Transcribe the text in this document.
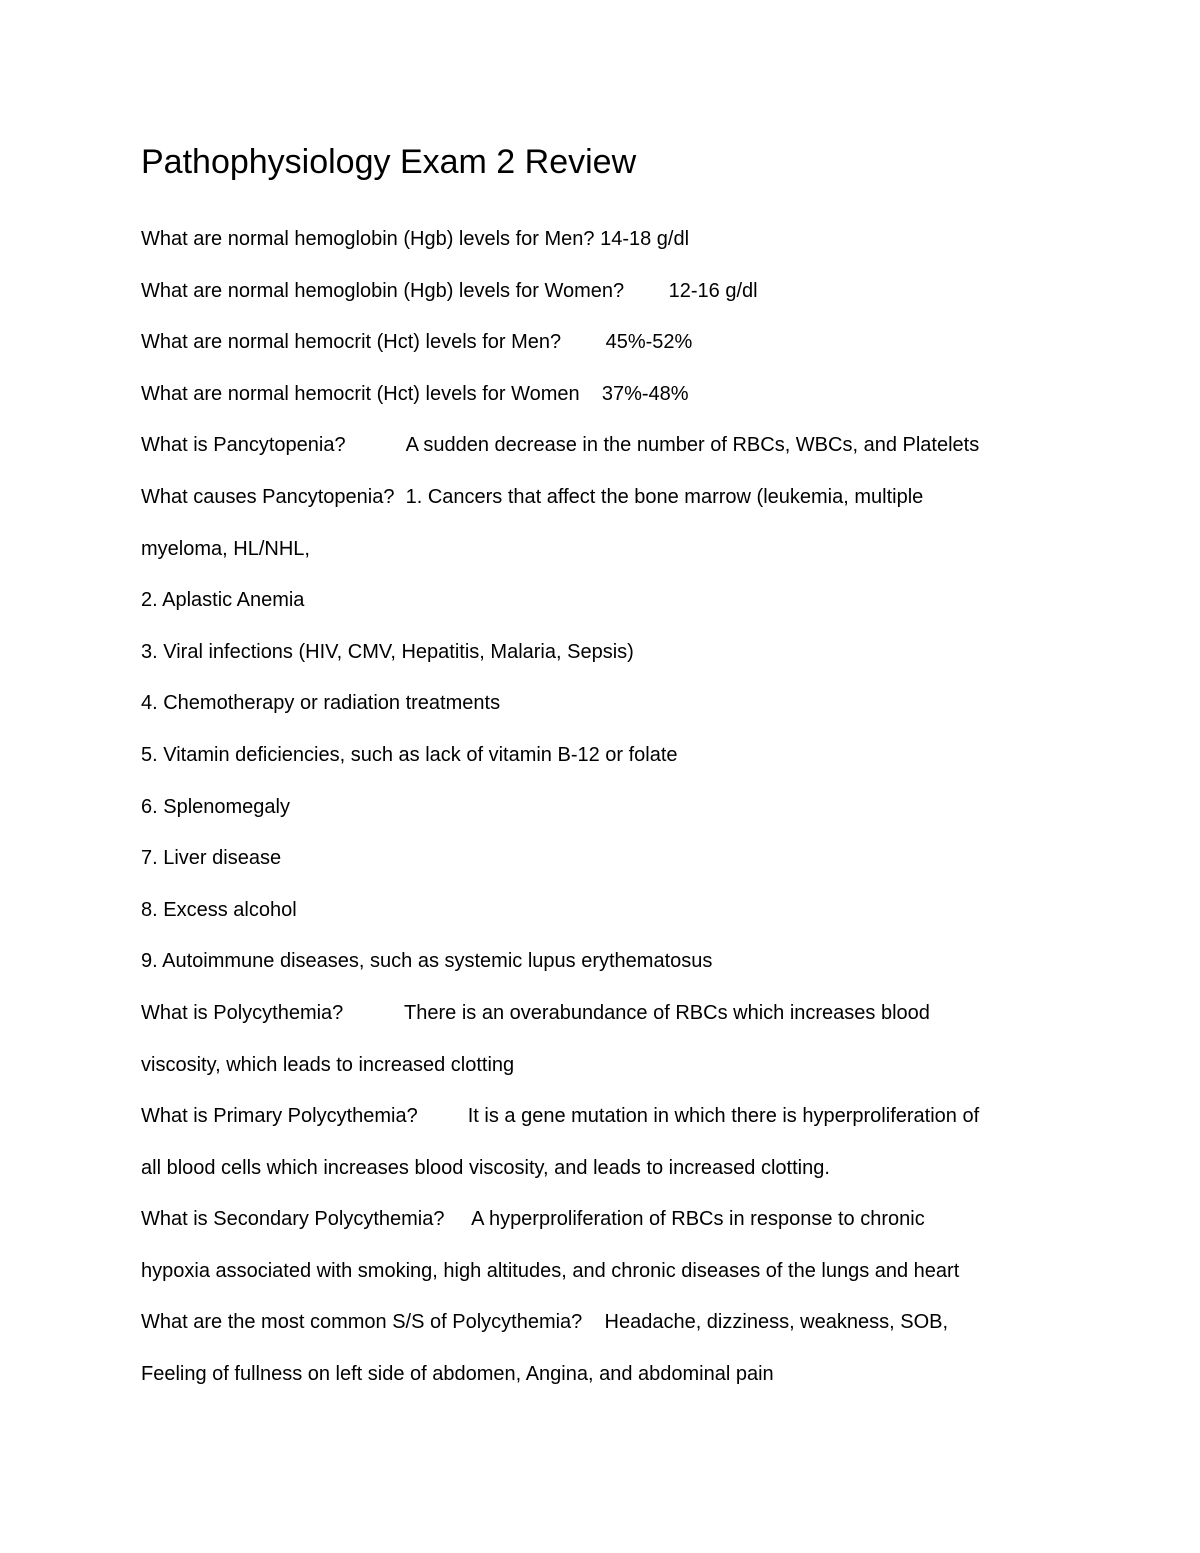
Pathophysiology Exam 2 Review
What are normal hemoglobin (Hgb) levels for Men? 14-18 g/dl
What are normal hemoglobin (Hgb) levels for Women?        12-16 g/dl
What are normal hemocrit (Hct) levels for Men?        45%-52%
What are normal hemocrit (Hct) levels for Women    37%-48%
What is Pancytopenia?           A sudden decrease in the number of RBCs, WBCs, and Platelets
What causes Pancytopenia?  1. Cancers that affect the bone marrow (leukemia, multiple
myeloma, HL/NHL,
2. Aplastic Anemia
3. Viral infections (HIV, CMV, Hepatitis, Malaria, Sepsis)
4. Chemotherapy or radiation treatments
5. Vitamin deficiencies, such as lack of vitamin B-12 or folate
6. Splenomegaly
7. Liver disease
8. Excess alcohol
9. Autoimmune diseases, such as systemic lupus erythematosus
What is Polycythemia?           There is an overabundance of RBCs which increases blood
viscosity, which leads to increased clotting
What is Primary Polycythemia?         It is a gene mutation in which there is hyperproliferation of
all blood cells which increases blood viscosity, and leads to increased clotting.
What is Secondary Polycythemia?     A hyperproliferation of RBCs in response to chronic
hypoxia associated with smoking, high altitudes, and chronic diseases of the lungs and heart
What are the most common S/S of Polycythemia?    Headache, dizziness, weakness, SOB,
Feeling of fullness on left side of abdomen, Angina, and abdominal pain
